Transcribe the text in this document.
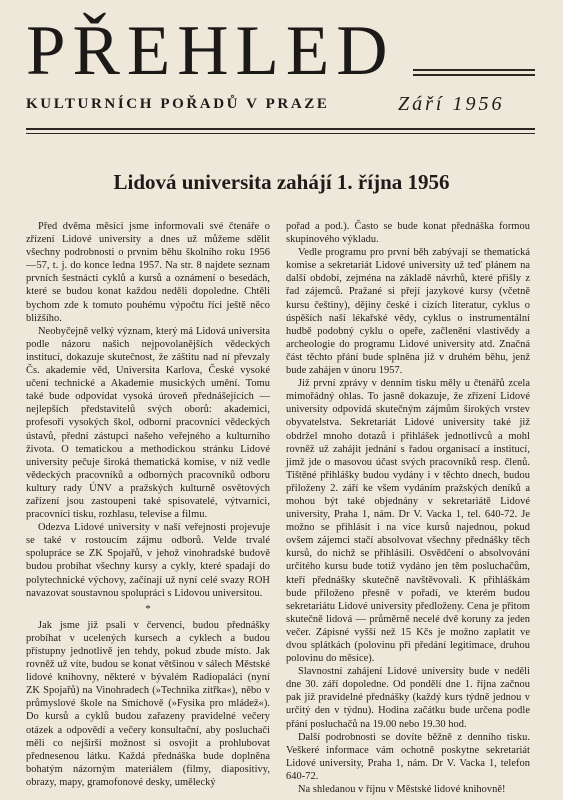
PŘEHLED
KULTURNÍCH POŘADŮ V PRAZE	Září 1956
Lidová universita zahájí 1. října 1956

Před dvěma měsíci jsme informovali své čtenáře o zřízení Lidové university a dnes už můžeme sdělit všechny podrobnosti o prvním běhu školního roku 1956—57, t. j. do konce ledna 1957. Na str. 8 najdete seznam prvních šestnácti cyklů a kursů a oznámení o besedách, které se budou konat každou neděli dopoledne. Chtěli bychom zde k tomuto pouhému výpočtu říci ještě něco bližšího.

Neobyčejně velký význam, který má Lidová universita podle názoru našich nejpovolanějších vědeckých institucí, dokazuje skutečnost, že záštitu nad ní převzaly Čs. akademie věd, Universita Karlova, České vysoké učení technické a Akademie musických umění. Tomu také bude odpovídat vysoká úroveň přednášejících — nejlepších představitelů svých oborů: akademici, profesoři vysokých škol, odborní pracovníci vědeckých ústavů, přední zástupci našeho veřejného a kulturního života. O tematickou a methodickou stránku Lidové university pečuje široká thematická komise, v níž vedle vědeckých pracovníků a odborných pracovníků odboru kultury rady ÚNV a pražských kulturně osvětových zařízení jsou zastoupeni také spisovatelé, výtvarníci, pracovníci tisku, rozhlasu, televise a filmu.

Odezva Lidové university v naší veřejnosti projevuje se také v rostoucím zájmu odborů. Velde trvalé spolupráce se ZK Spojařů, v jehož vinohradské budově budou probíhat všechny kursy a cykly, které spadají do polytechnické výchovy, začínají už nyní celé svazy ROH navazovat soustavnou spolupráci s Lidovou universitou.

*

Jak jsme již psali v červenci, budou přednášky probíhat v ucelených kursech a cyklech a budou přístupny jednotlivě jen tehdy, pokud zbude místo. Jak rovněž už víte, budou se konat většinou v sálech Městské lidové knihovny, některé v bývalém Radiopaláci (nyní ZK Spojařů) na Vinohradech (»Technika zítřka«), něbo v průmyslové škole na Smíchově (»Fysika pro mládež«). Do kursů a cyklů budou zařazeny pravidelné večery otázek a odpovědí a večery konsultační, aby posluchači měli co nejširší možnost si osvojit a prohlubovat přednesenou látku. Každá přednáška bude doplněna bohatým názorným materiálem (filmy, diapositivy, obrazy, mapy, gramofonové desky, umělecký

pořad a pod.). Často se bude konat přednáška formou skupinového výkladu.

Vedle programu pro první běh zabývají se thematická komise a sekretariát Lidové university už teď plánem na další období, zejména na základě návrhů, které přišly z řad zájemců. Pražané si přejí jazykové kursy (včetně kursu češtiny), dějiny české i cizích literatur, cyklus o úspěších naší lékařské vědy, cyklus o instrumentální hudbě podobný cyklu o opeře, začlenění vlastivědy a archeologie do programu Lidové university atd. Značná část těchto přání bude splněna již v druhém běhu, jenž bude zahájen v únoru 1957.

Již první zprávy v denním tisku měly u čtenářů zcela mimořádný ohlas. To jasně dokazuje, že zřízení Lidové university odpovídá skutečným zájmům širokých vrstev obyvatelstva. Sekretariát Lidové university také již obdržel mnoho dotazů i přihlášek jednotlivců a mohl rovněž už zahájit jednání s řadou organisací a institucí, jimž jde o masovou účast svých pracovníků resp. členů. Tištěné přihlášky budou vydány i v těchto dnech, budou přiloženy 2. září ke všem vydáním pražských deníků a mohou být také objednány v sekretariátě Lidové university, Praha 1, nám. Dr V. Vacka 1, tel. 640-72. Je možno se přihlásit i na více kursů najednou, pokud ovšem zájemci stačí absolvovat všechny přednášky těch kursů, do nichž se přihlásili. Osvědčení o absolvování určitého kursu bude totiž vydáno jen těm posluchačům, kteří přednášky skutečně navštěvovali. K přihláškám bude přiloženo přesně v pořadí, ve kterém budou sekretariátu Lidové university předloženy. Cena je přitom skutečně lidová — průměrně necelé dvě koruny za jeden večer. Zápisné vyšší než 15 Kčs je možno zaplatit ve dvou splátkách (polovinu při předání legitimace, druhou polovinu do měsíce).

Slavnostní zahájení Lidové university bude v neděli dne 30. září dopoledne. Od pondělí dne 1. října začnou pak již pravidelné přednášky (každý kurs týdně jednou v určitý den v týdnu). Hodina začátku bude určena podle přání posluchačů na 19.00 nebo 19.30 hod.

Další podrobnosti se dovíte běžně z denního tisku. Veškeré informace vám ochotně poskytne sekretariát Lidové university, Praha 1, nám. Dr V. Vacka 1, telefon 640-72.

Na shledanou v říjnu v Městské lidové knihovně!
